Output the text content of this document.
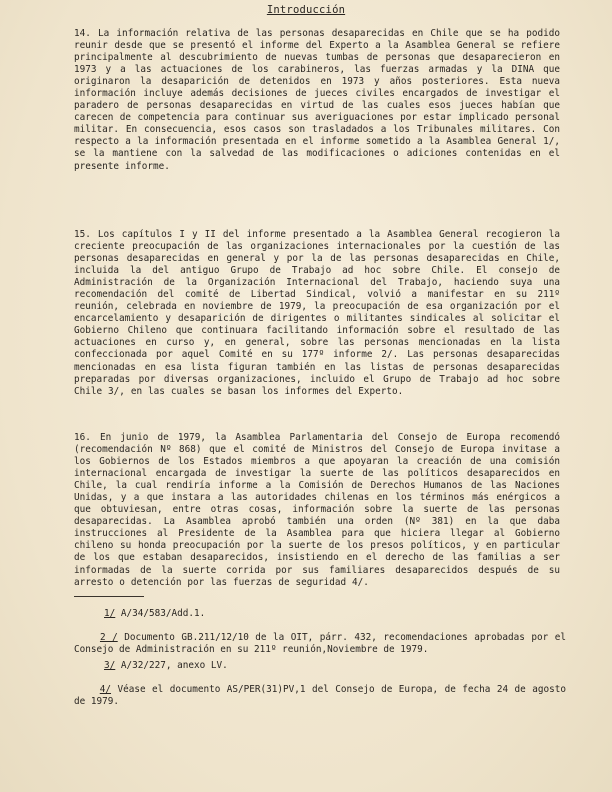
Introducción

14. La información relativa de las personas desaparecidas en Chile que se ha podido reunir desde que se presentó el informe del Experto a la Asamblea General se refiere principalmente al descubrimiento de nuevas tumbas de personas que desaparecieron en 1973 y a las actuaciones de los carabineros, las fuerzas armadas y la DINA que originaron la desaparición de detenidos en 1973 y años posteriores. Esta nueva información incluye además decisiones de jueces civiles encargados de investigar el paradero de personas desaparecidas en virtud de las cuales esos jueces habían que carecen de competencia para continuar sus averiguaciones por estar implicado personal militar. En consecuencia, esos casos son trasladados a los Tribunales militares. Con respecto a la información presentada en el informe sometido a la Asamblea General 1/, se la mantiene con la salvedad de las modificaciones o adiciones contenidas en el presente informe.

15. Los capítulos I y II del informe presentado a la Asamblea General recogieron la creciente preocupación de las organizaciones internacionales por la cuestión de las personas desaparecidas en general y por la de las personas desaparecidas en Chile, incluida la del antiguo Grupo de Trabajo ad hoc sobre Chile. El consejo de Administración de la Organización Internacional del Trabajo, haciendo suya una recomendación del comité de Libertad Sindical, volvió a manifestar en su 211º reunión, celebrada en noviembre de 1979, la preocupación de esa organización por el encarcelamiento y desaparición de dirigentes o militantes sindicales al solicitar el Gobierno Chileno que continuara facilitando información sobre el resultado de las actuaciones en curso y, en general, sobre las personas mencionadas en la lista confeccionada por aquel Comité en su 177º informe 2/. Las personas desaparecidas mencionadas en esa lista figuran también en las listas de personas desaparecidas preparadas por diversas organizaciones, incluido el Grupo de Trabajo ad hoc sobre Chile 3/, en las cuales se basan los informes del Experto.

16. En junio de 1979, la Asamblea Parlamentaria del Consejo de Europa recomendó (recomendación Nº 868) que el comité de Ministros del Consejo de Europa invitase a los Gobiernos de los Estados miembros a que apoyaran la creación de una comisión internacional encargada de investigar la suerte de las políticos desaparecidos en Chile, la cual rendiría informe a la Comisión de Derechos Humanos de las Naciones Unidas, y a que instara a las autoridades chilenas en los términos más enérgicos a que obtuviesan, entre otras cosas, información sobre la suerte de las personas desaparecidas. La Asamblea aprobó también una orden (Nº 381) en la que daba instrucciones al Presidente de la Asamblea para que hiciera llegar al Gobierno chileno su honda preocupación por la suerte de los presos políticos, y en particular de los que estaban desaparecidos, insistiendo en el derecho de las familias a ser informadas de la suerte corrida por sus familiares desaparecidos después de su arresto o detención por las fuerzas de seguridad 4/.

1/ A/34/583/Add.1.

2 / Documento GB.211/12/10 de la OIT, párr. 432, recomendaciones aprobadas por el Consejo de Administración en su 211º reunión,Noviembre de 1979.

3/ A/32/227, anexo LV.

4/ Véase el documento AS/PER(31)PV,1 del Consejo de Europa, de fecha 24 de agosto de 1979.
